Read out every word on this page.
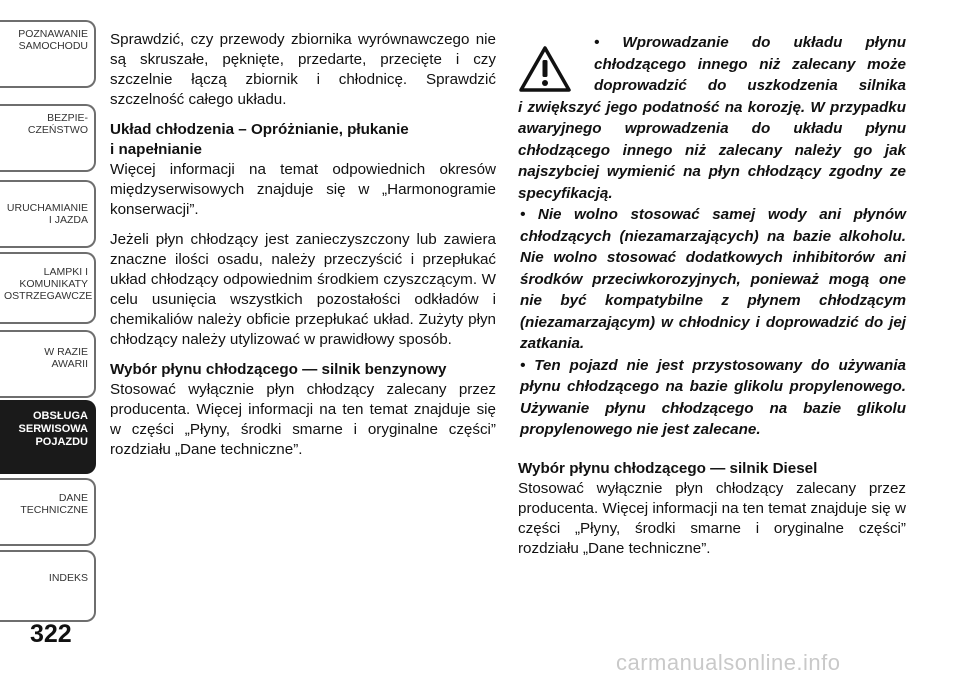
POZNAWANIE
SAMOCHODU
BEZPIE-
CZEŃSTWO
URUCHAMIANIE
I JAZDA
LAMPKI I
KOMUNIKATY
OSTRZEGAWCZE
W RAZIE
AWARII
OBSŁUGA
SERWISOWA
POJAZDU
DANE
TECHNICZNE
INDEKS
322

Sprawdzić, czy przewody zbiornika wyrównawczego nie są skruszałe, pęknięte, przedarte, przecięte i czy szczelnie łączą zbiornik i chłodnicę. Sprawdzić szczelność całego układu.

Układ chłodzenia – Opróżnianie, płukanie
i napełnianie

Więcej informacji na temat odpowiednich okresów międzyserwisowych znajduje się w „Harmonogramie konserwacji”.

Jeżeli płyn chłodzący jest zanieczyszczony lub zawiera znaczne ilości osadu, należy przeczyścić i przepłukać układ chłodzący odpowiednim środkiem czyszczącym. W celu usunięcia wszystkich pozostałości odkładów i chemikaliów należy obficie przepłukać układ. Zużyty płyn chłodzący należy utylizować w prawidłowy sposób.

Wybór płynu chłodzącego — silnik benzynowy

Stosować wyłącznie płyn chłodzący zalecany przez producenta. Więcej informacji na ten temat znajduje się w części „Płyny, środki smarne i oryginalne części” rozdziału „Dane techniczne”.

• Wprowadzanie do układu płynu
chłodzącego innego niż zalecany może
doprowadzić do uszkodzenia silnika
i zwiększyć jego podatność na korozję. W przypadku awaryjnego wprowadzenia do układu płynu chłodzącego innego niż zalecany należy go jak najszybciej wymienić na płyn chłodzący zgodny ze specyfikacją.
• Nie wolno stosować samej wody ani płynów chłodzących (niezamarzających) na bazie alkoholu. Nie wolno stosować dodatkowych inhibitorów ani środków przeciwkorozyjnych, ponieważ mogą one nie być kompatybilne z płynem chłodzącym (niezamarzającym) w chłodnicy i doprowadzić do jej zatkania.
• Ten pojazd nie jest przystosowany do używania płynu chłodzącego na bazie glikolu propylenowego. Używanie płynu chłodzącego na bazie glikolu propylenowego nie jest zalecane.
Wybór płynu chłodzącego — silnik Diesel

Stosować wyłącznie płyn chłodzący zalecany przez producenta. Więcej informacji na ten temat znajduje się w części „Płyny, środki smarne i oryginalne części” rozdziału „Dane techniczne”.

carmanualsonline.info
